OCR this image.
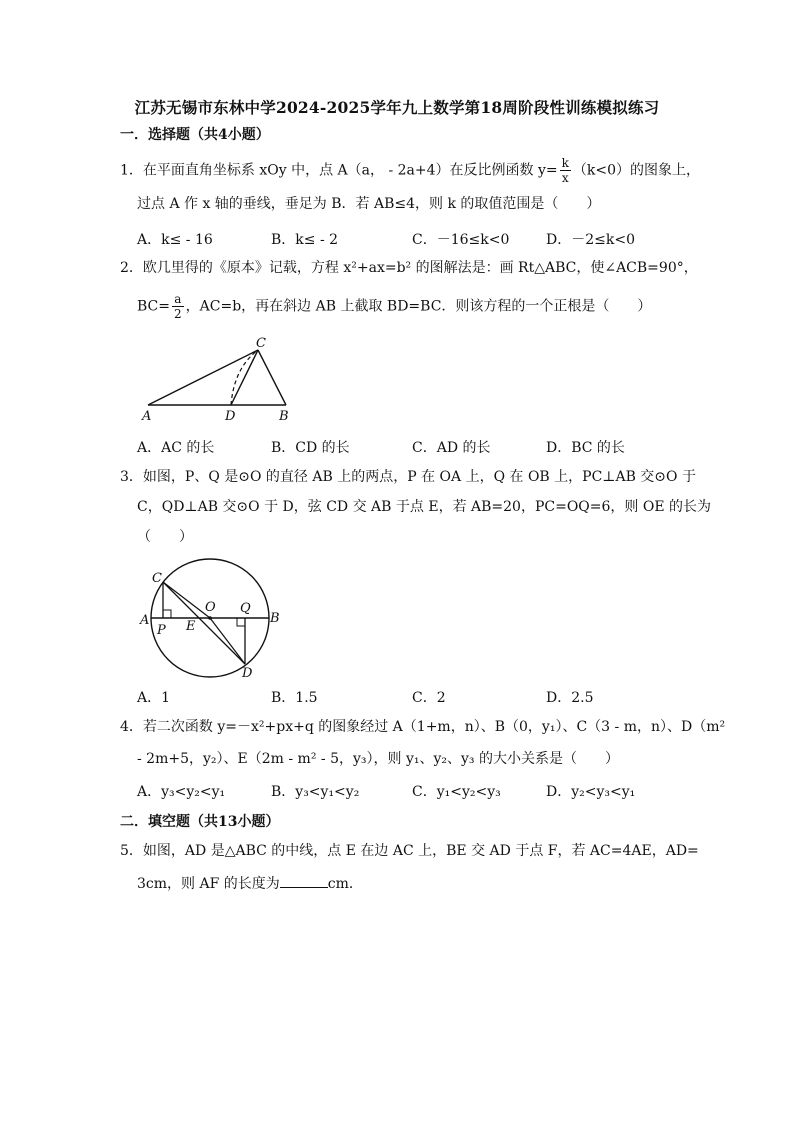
江苏无锡市东林中学2024-2025学年九上数学第18周阶段性训练模拟练习
一．选择题（共4小题）
1．在平面直角坐标系 xOy 中，点 A（a， - 2a+4）在反比例函数 $y= \frac{k}{x} (k<0)$的图象上，
过点 A 作 x 轴的垂线，垂足为 B．若 AB≤4，则 k 的取值范围是（　　）
A．k≤ - 16	B．k≤ - 2	C．－16≤k<0	D．－2≤k<0
2．欧几里得的《原本》记载，方程 x²+ax=b² 的图解法是：画 Rt△ABC，使∠ACB=90°，
$BC= \frac{a}{2}$ ，AC=b，再在斜边 AB 上截取 BD=BC．则该方程的一个正根是（　　）
A	D	B
C
A．AC 的长	B．CD 的长	C．AD 的长	D．BC 的长
3．如图，P、Q 是⊙O 的直径 AB 上的两点，P 在 OA 上，Q 在 OB 上，PC⊥AB 交⊙O 于
C，QD⊥AB 交⊙O 于 D，弦 CD 交 AB 于点 E，若 AB=20，PC=OQ=6，则 OE 的长为
（　　）
C
A
P E
O Q
B
D
A．1	B．1.5	C．2	D．2.5
4．若二次函数 y=－x²+px+q 的图象经过 A（1+m，n）、B（0，y₁）、C（3 - m，n）、D（m²
- 2m+5，y₂）、E（2m - m² - 5，y₃），则 y₁、y₂、y₃ 的大小关系是（　　）
A．y₃<y₂<y₁	B．y₃<y₁<y₂	C．y₁<y₂<y₃	D．y₂<y₃<y₁
二．填空题（共13小题）
5．如图，AD 是△ABC 的中线，点 E 在边 AC 上，BE 交 AD 于点 F，若 AC=4AE，AD=
3cm，则 AF 的长度为	cm．
